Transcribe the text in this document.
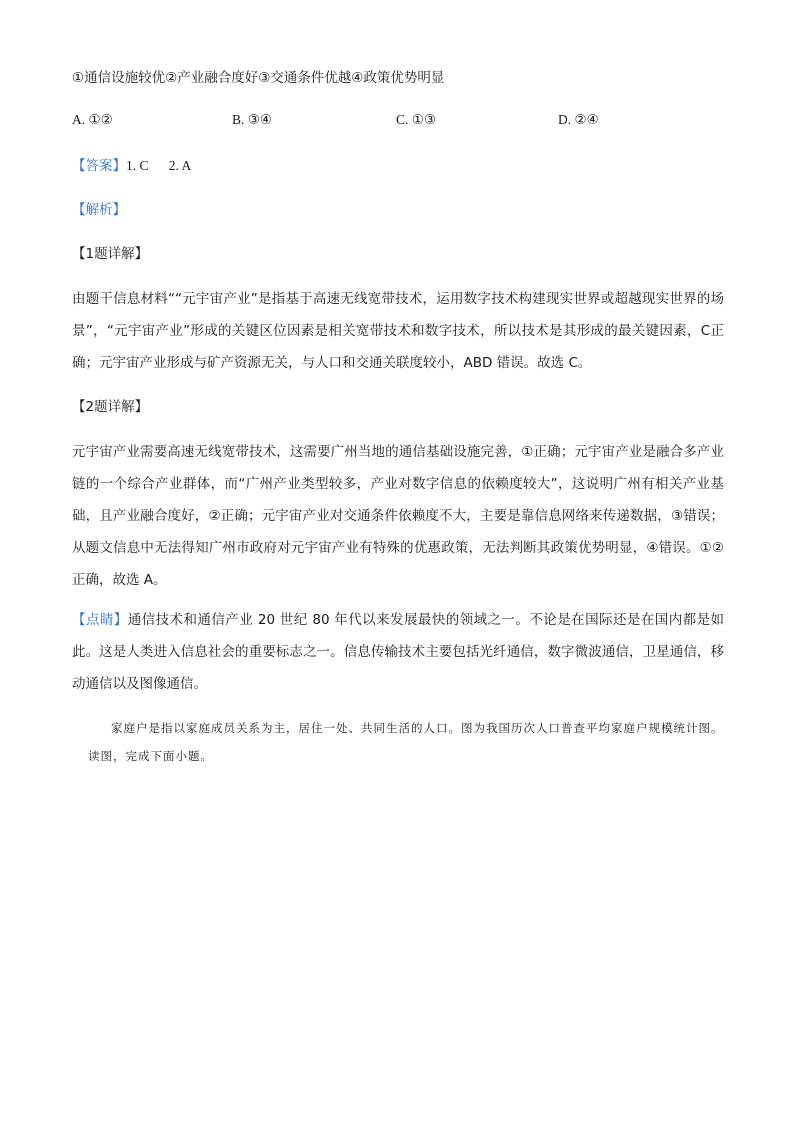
①通信设施较优②产业融合度好③交通条件优越④政策优势明显
A. ①②	B. ③④	C. ①③	D. ②④
【答案】1. C      2. A
【解析】
【1题详解】
由题干信息材料““元宇宙产业”是指基于高速无线宽带技术，运用数字技术构建现实世界或超越现实世界的场景”，“元宇宙产业”形成的关键区位因素是相关宽带技术和数字技术，所以技术是其形成的最关键因素，C正确；元宇宙产业形成与矿产资源无关，与人口和交通关联度较小，ABD 错误。故选 C。
【2题详解】
元宇宙产业需要高速无线宽带技术，这需要广州当地的通信基础设施完善，①正确；元宇宙产业是融合多产业链的一个综合产业群体，而“广州产业类型较多，产业对数字信息的依赖度较大”，这说明广州有相关产业基础，且产业融合度好，②正确；元宇宙产业对交通条件依赖度不大，主要是靠信息网络来传递数据，③错误；从题文信息中无法得知广州市政府对元宇宙产业有特殊的优惠政策，无法判断其政策优势明显，④错误。①②正确，故选 A。
【点睛】通信技术和通信产业 20 世纪 80 年代以来发展最快的领域之一。不论是在国际还是在国内都是如此。这是人类进入信息社会的重要标志之一。信息传输技术主要包括光纤通信，数字微波通信，卫星通信，移动通信以及图像通信。
家庭户是指以家庭成员关系为主，居住一处、共同生活的人口。图为我国历次人口普查平均家庭户规模统计图。读图，完成下面小题。
